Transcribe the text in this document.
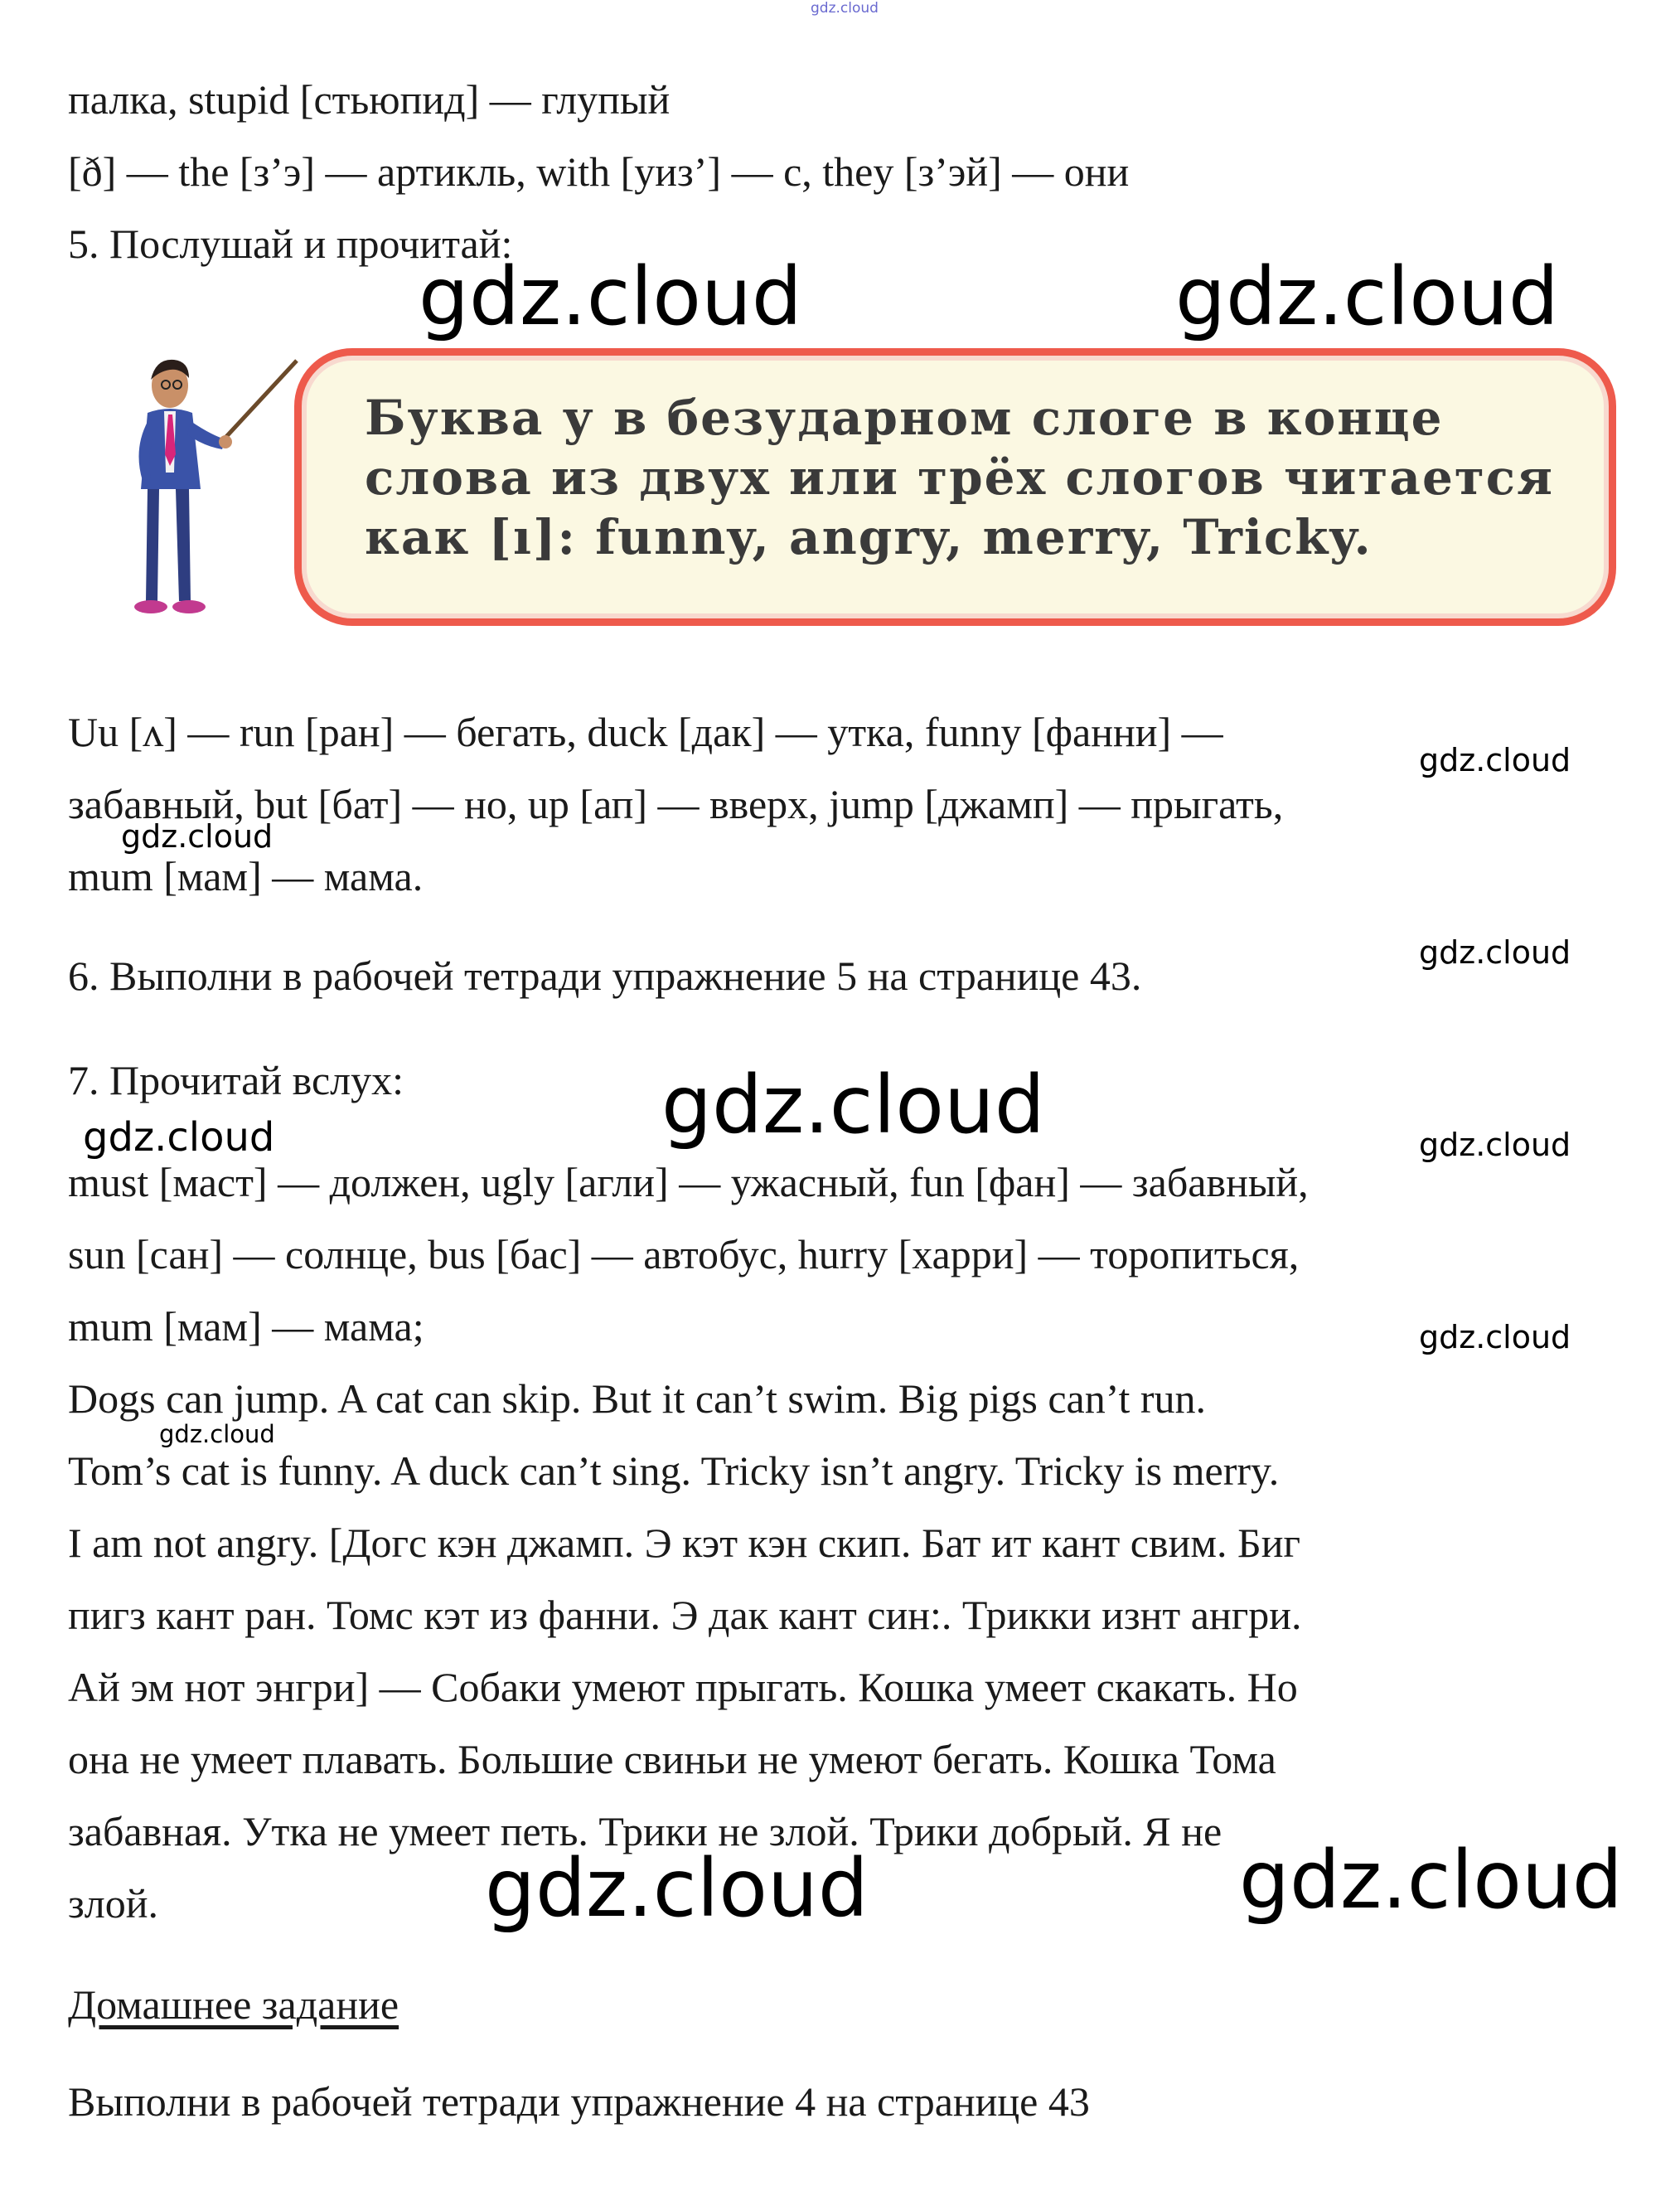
gdz.cloud
палка, stupid [стьюпид] — глупый
[ð] — the [з’э] — артикль, with [уиз’] — с, they [з’эй] — они
5. Послушай и прочитай:
gdz.cloud	gdz.cloud
Буква у в безударном слоге в конце
слова из двух или трёх слогов читается
как [ı]: funny, angry, merry, Tricky.
Uu [ʌ] — run [ран] — бегать, duck [дак] — утка, funny [фанни] —
gdz.cloud
забавный, but [бат] — но, up [ап] — вверх, jump [джамп] — прыгать,
gdz.cloud
mum [мам] — мама.
gdz.cloud
6. Выполни в рабочей тетради упражнение 5 на странице 43.
7. Прочитай вслух:	gdz.cloud
gdz.cloud	gdz.cloud
must [маст] — должен, ugly [агли] — ужасный, fun [фан] — забавный,
sun [сан] — солнце, bus [бас] — автобус, hurry [харри] — торопиться,
mum [мам] — мама;	gdz.cloud
Dogs can jump. A cat can skip. But it can’t swim. Big pigs can’t run.
gdz.cloud
Tom’s cat is funny. A duck can’t sing. Tricky isn’t angry. Tricky is merry.
I am not angry. [Догс кэн джамп. Э кэт кэн скип. Бат ит кант свим. Биг
пигз кант ран. Томс кэт из фанни. Э дак кант син:. Трикки изнт ангри.
Ай эм нот энгри] — Собаки умеют прыгать. Кошка умеет скакать. Но
она не умеет плавать. Большие свиньи не умеют бегать. Кошка Тома
забавная. Утка не умеет петь. Трики не злой. Трики добрый. Я не
gdz.cloud
злой.	gdz.cloud
Домашнее задание
Выполни в рабочей тетради упражнение 4 на странице 43
